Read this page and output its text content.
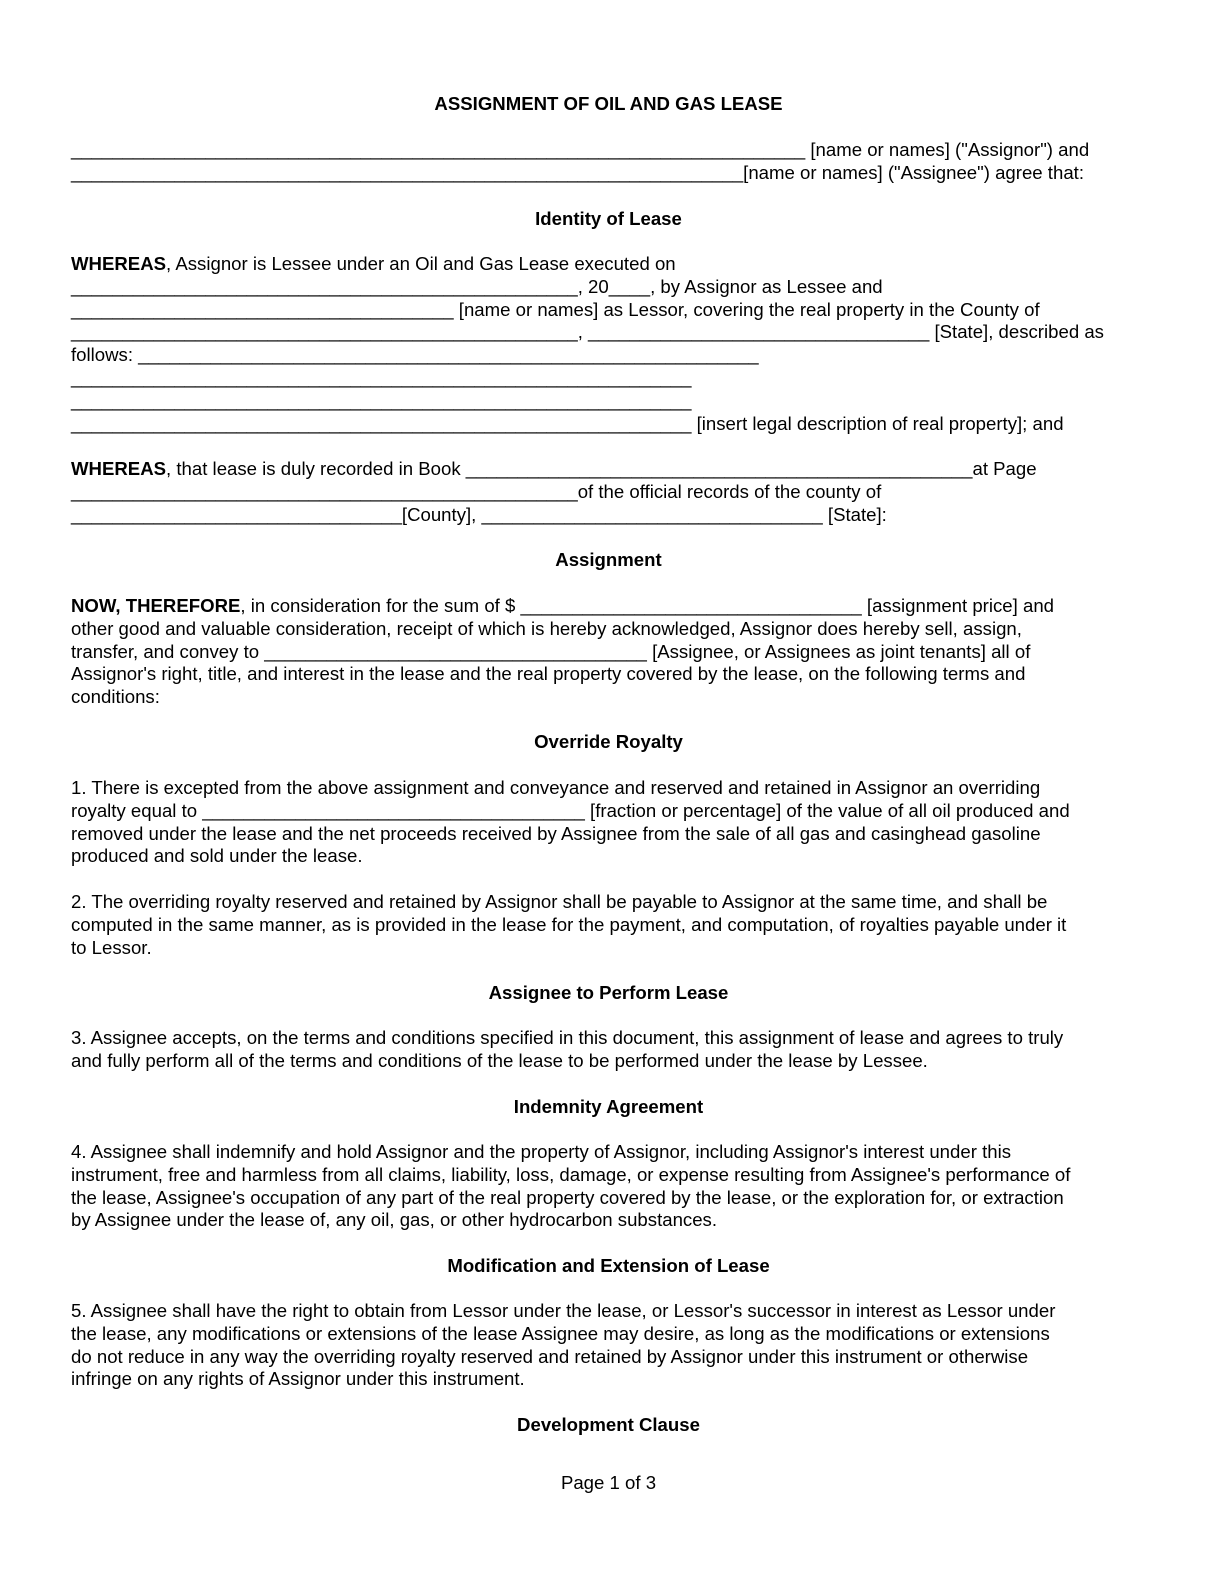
ASSIGNMENT OF OIL AND GAS LEASE
_______________________________________________________________________ [name or names] ("Assignor") and
_________________________________________________________________[name or names] ("Assignee") agree that:
Identity of Lease
WHEREAS, Assignor is Lessee under an Oil and Gas Lease executed on
_________________________________________________, 20____, by Assignor as Lessee and
_____________________________________ [name or names] as Lessor, covering the real property in the County of
_________________________________________________, _________________________________ [State], described as
follows: ____________________________________________________________
____________________________________________________________
____________________________________________________________
____________________________________________________________ [insert legal description of real property]; and
WHEREAS, that lease is duly recorded in Book _________________________________________________at Page
_________________________________________________of the official records of the county of
________________________________[County], _________________________________ [State]:
Assignment
NOW, THEREFORE, in consideration for the sum of $ _________________________________ [assignment price] and
other good and valuable consideration, receipt of which is hereby acknowledged, Assignor does hereby sell, assign,
transfer, and convey to _____________________________________ [Assignee, or Assignees as joint tenants] all of
Assignor's right, title, and interest in the lease and the real property covered by the lease, on the following terms and
conditions:
Override Royalty
1. There is excepted from the above assignment and conveyance and reserved and retained in Assignor an overriding
royalty equal to _____________________________________ [fraction or percentage] of the value of all oil produced and
removed under the lease and the net proceeds received by Assignee from the sale of all gas and casinghead gasoline
produced and sold under the lease.
2. The overriding royalty reserved and retained by Assignor shall be payable to Assignor at the same time, and shall be
computed in the same manner, as is provided in the lease for the payment, and computation, of royalties payable under it
to Lessor.
Assignee to Perform Lease
3. Assignee accepts, on the terms and conditions specified in this document, this assignment of lease and agrees to truly
and fully perform all of the terms and conditions of the lease to be performed under the lease by Lessee.
Indemnity Agreement
4. Assignee shall indemnify and hold Assignor and the property of Assignor, including Assignor's interest under this
instrument, free and harmless from all claims, liability, loss, damage, or expense resulting from Assignee's performance of
the lease, Assignee's occupation of any part of the real property covered by the lease, or the exploration for, or extraction
by Assignee under the lease of, any oil, gas, or other hydrocarbon substances.
Modification and Extension of Lease
5. Assignee shall have the right to obtain from Lessor under the lease, or Lessor's successor in interest as Lessor under
the lease, any modifications or extensions of the lease Assignee may desire, as long as the modifications or extensions
do not reduce in any way the overriding royalty reserved and retained by Assignor under this instrument or otherwise
infringe on any rights of Assignor under this instrument.
Development Clause
Page 1 of 3
